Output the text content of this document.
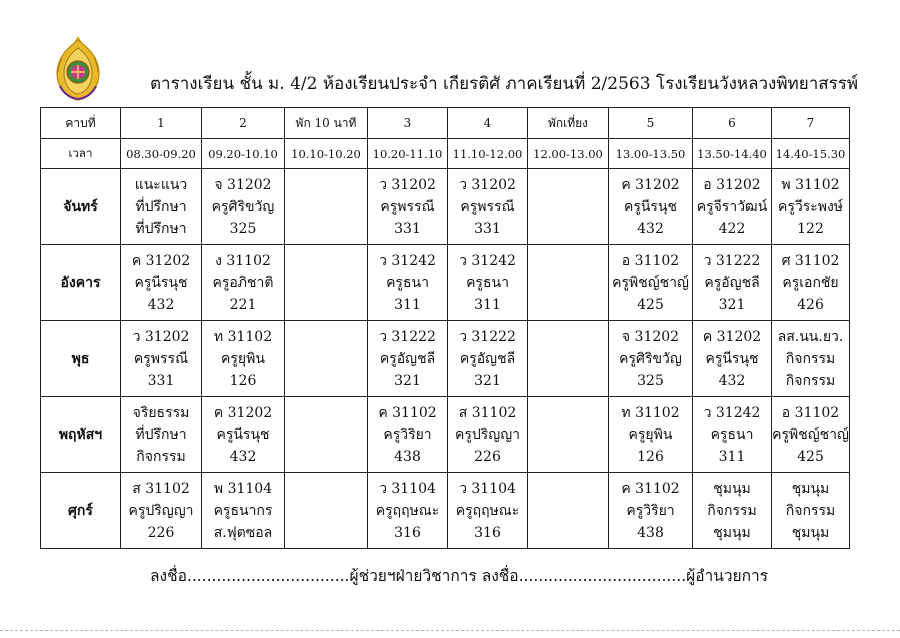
ตารางเรียน ชั้น ม. 4/2 ห้องเรียนประจำ เกียรติศั ภาคเรียนที่ 2/2563 โรงเรียนวังหลวงพิทยาสรรพ์
คาบที่	1	2	พัก 10 นาที	3	4	พักเที่ยง	5	6	7
เวลา	08.30-09.20	09.20-10.10	10.10-10.20	10.20-11.10	11.10-12.00	12.00-13.00	13.00-13.50	13.50-14.40	14.40-15.30
จันทร์	แนะแนว
ที่ปรึกษา
ที่ปรึกษา	จ 31202
ครูศิริขวัญ
325		ว 31202
ครูพรรณี
331	ว 31202
ครูพรรณี
331		ค 31202
ครูนีรนุช
432	อ 31202
ครูจีราวัฒน์
422	พ 31102
ครูวีระพงษ์
122

อังคาร	ค 31202
ครูนีรนุช
432	ง 31102
ครูอภิชาติ
221		ว 31242
ครูธนา
311	ว 31242
ครูธนา
311		อ 31102
ครูพิชญ์ชาญ์
425	ว 31222
ครูอัญชลี
321	ศ 31102
ครูเอกชัย
426

พุธ	ว 31202
ครูพรรณี
331	ท 31102
ครูยุพิน
126		ว 31222
ครูอัญชลี
321	ว 31222
ครูอัญชลี
321		จ 31202
ครูศิริขวัญ
325	ค 31202
ครูนีรนุช
432	ลส.นน.ยว.
กิจกรรม
กิจกรรม

พฤหัสฯ	จริยธรรม
ที่ปรึกษา
กิจกรรม	ค 31202
ครูนีรนุช
432		ค 31102
ครูวิริยา
438	ส 31102
ครูปริญญา
226		ท 31102
ครูยุพิน
126	ว 31242
ครูธนา
311	อ 31102
ครูพิชญ์ชาญ์
425

ศุกร์	ส 31102
ครูปริญญา
226	พ 31104
ครูธนากร
ส.ฟุตซอล		ว 31104
ครูฤฤษณะ
316	ว 31104
ครูฤฤษณะ
316		ค 31102
ครูวิริยา
438	ชุมนุม
กิจกรรม
ชุมนุม	ชุมนุม
กิจกรรม
ชุมนุม
ลงชื่อ.................................ผู้ช่วยฯฝ่ายวิชาการ ลงชื่อ..................................ผู้อำนวยการ
